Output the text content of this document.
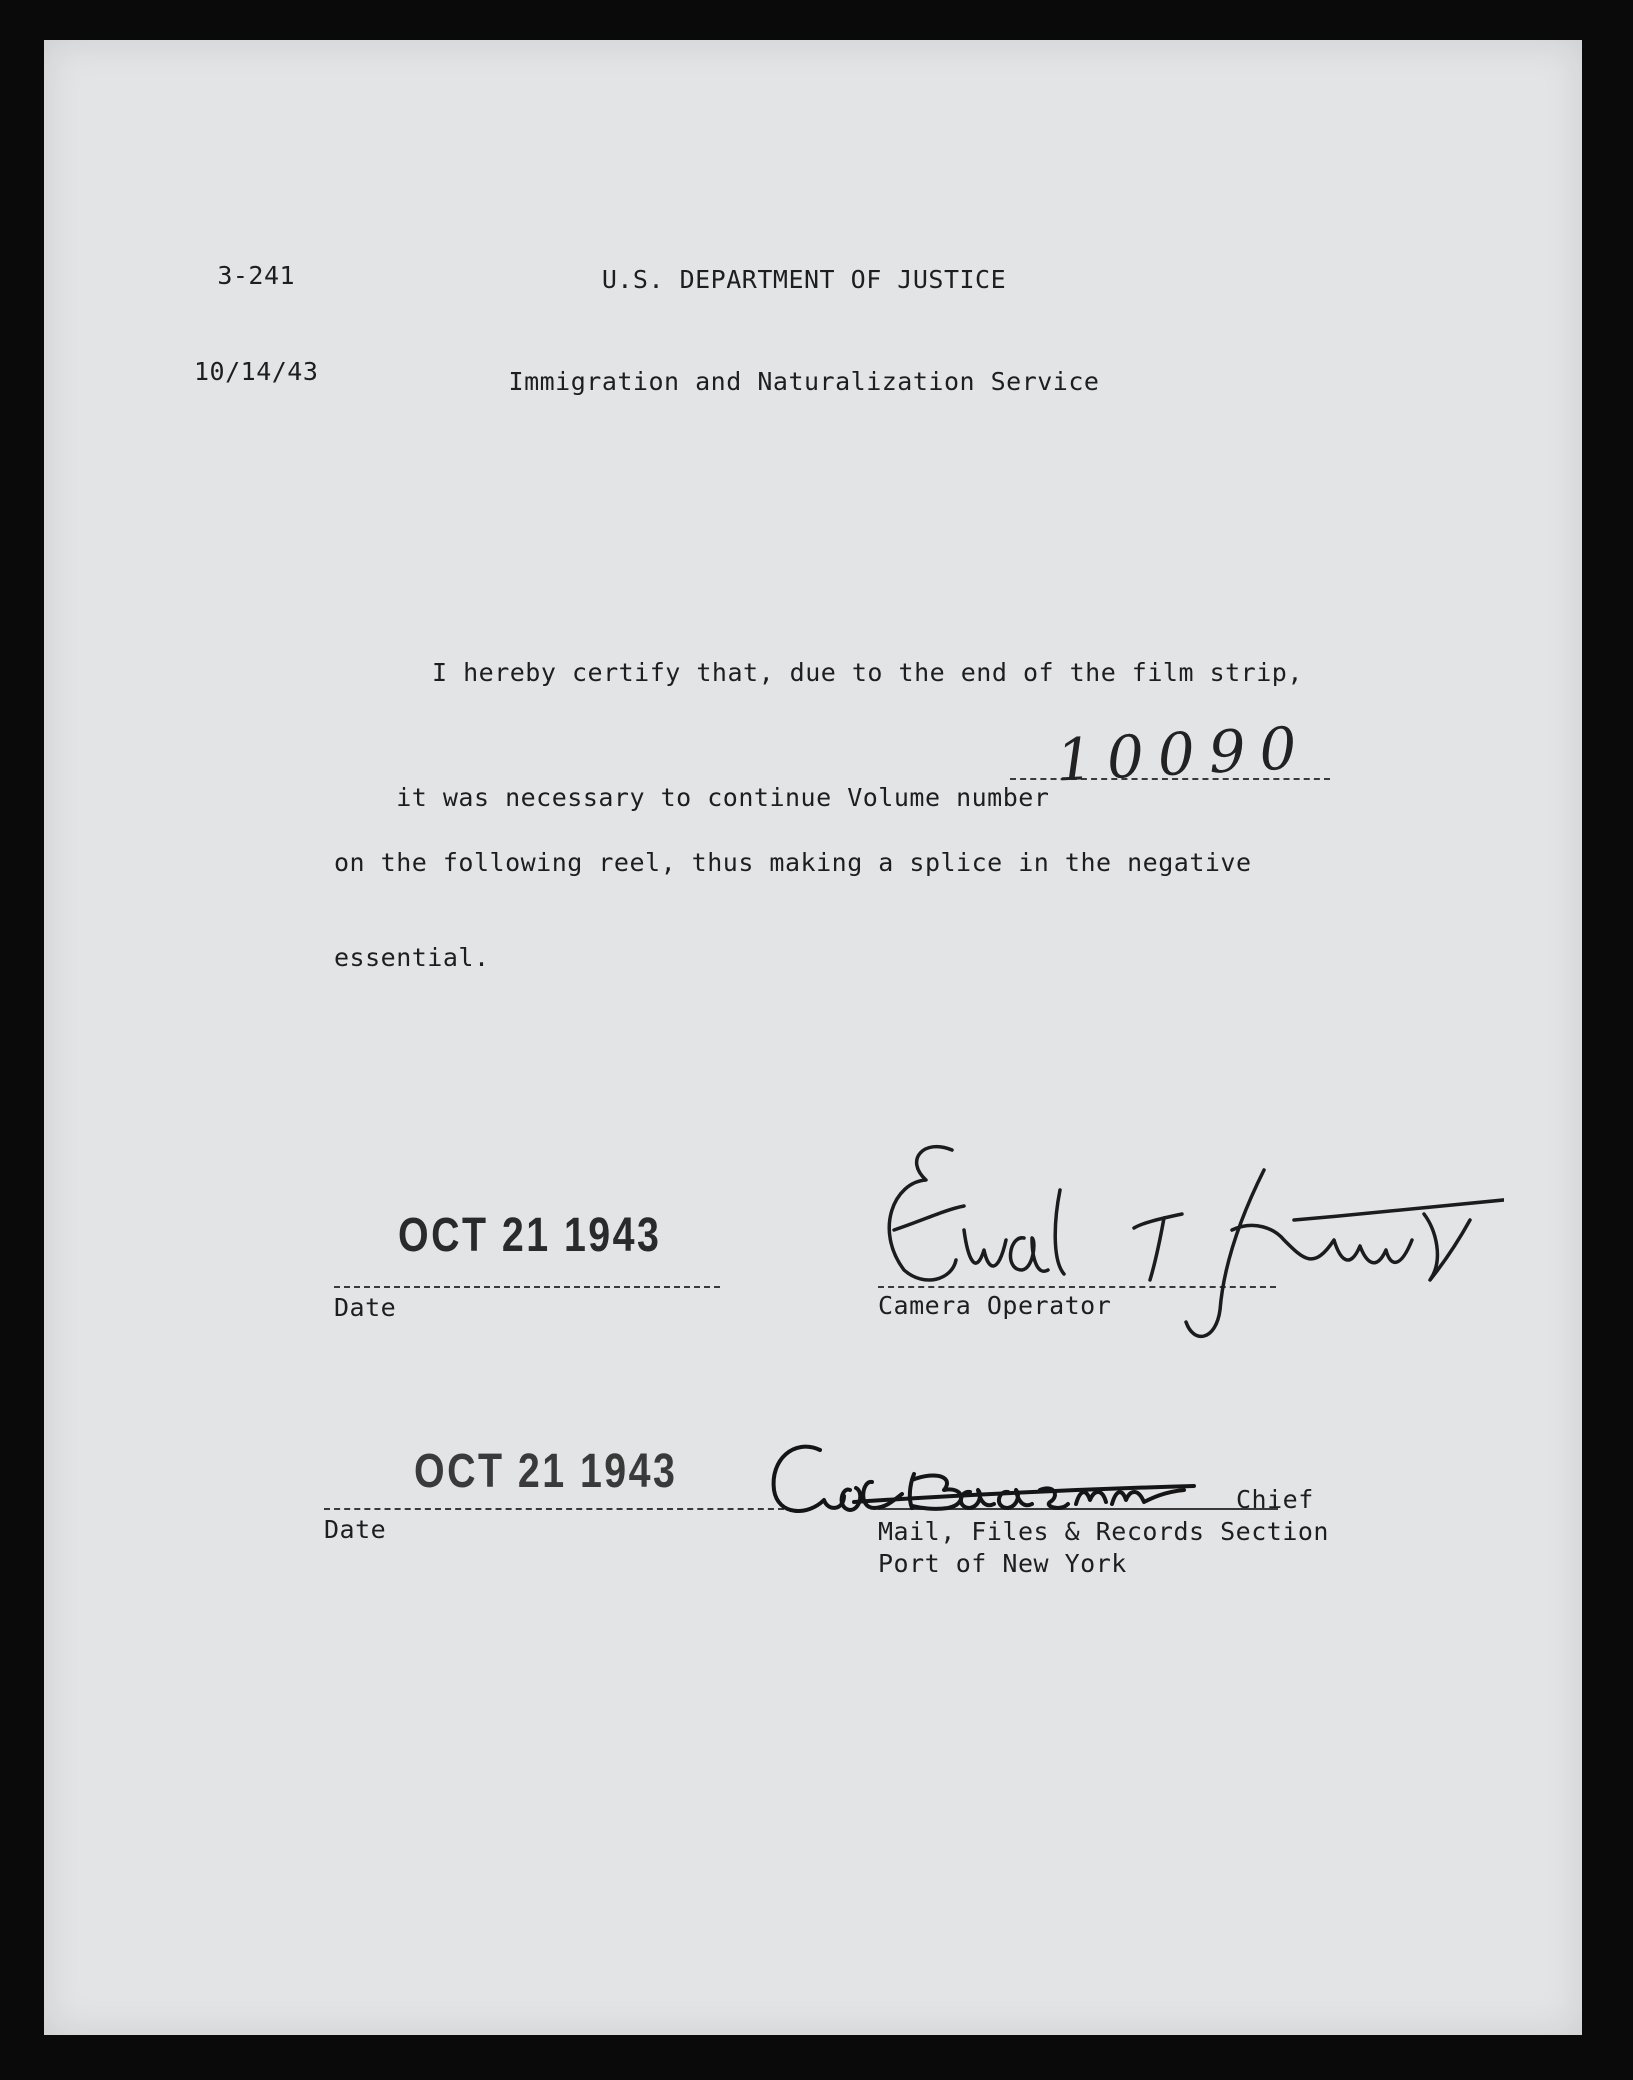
3-241

10/14/43

U.S. DEPARTMENT OF JUSTICE

Immigration and Naturalization Service

I hereby certify that, due to the end of the film strip,

it was necessary to continue Volume number

10090
on the following reel, thus making a splice in the negative
essential.
OCT 21 1943
Date	Camera Operator
OCT 21 1943
Date
Chief
Mail, Files & Records Section
Port of New York
